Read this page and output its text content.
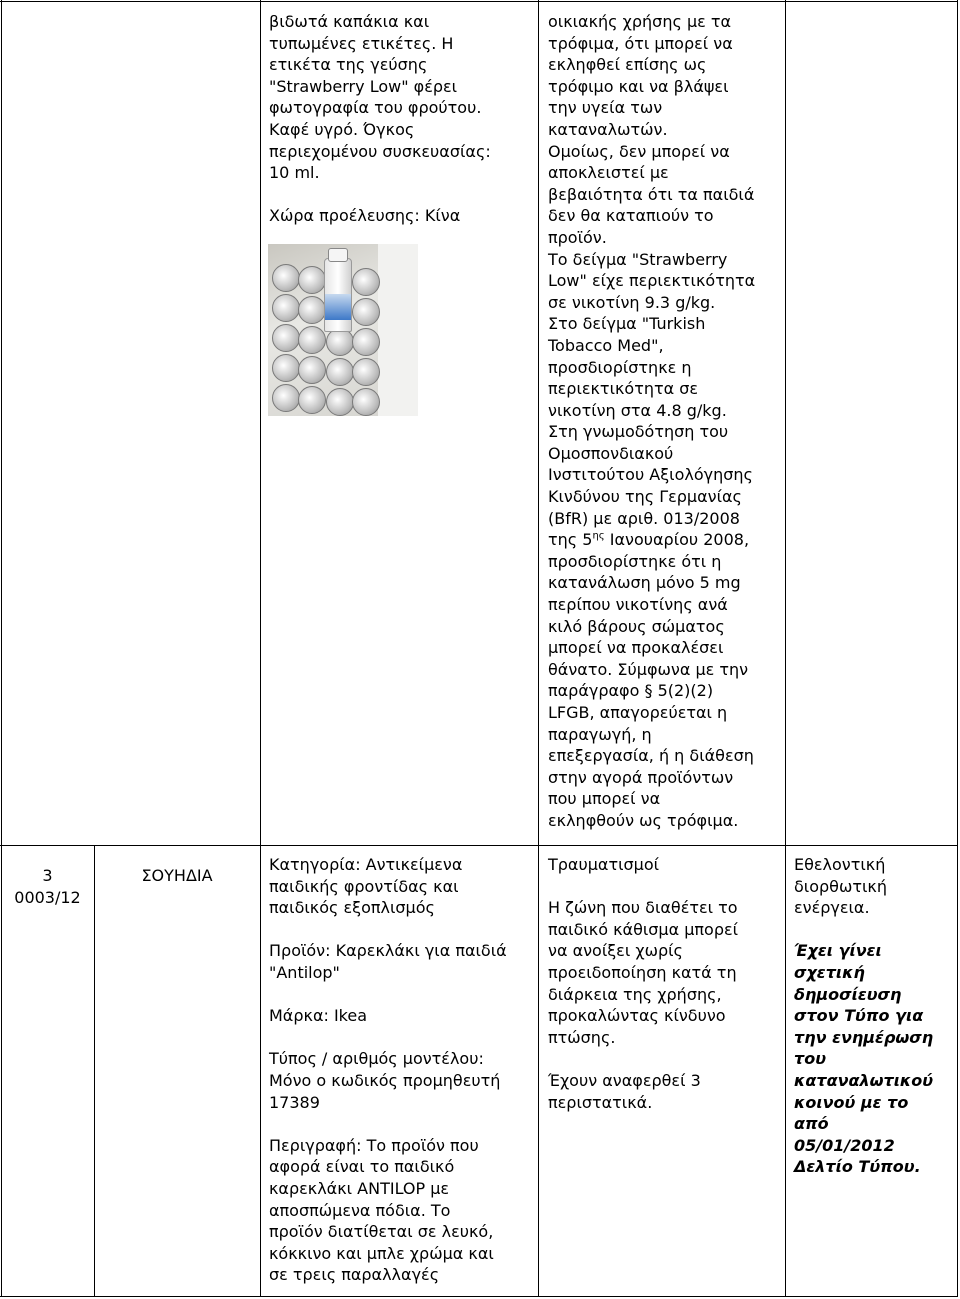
βιδωτά καπάκια και
τυπωμένες ετικέτες. Η
ετικέτα της γεύσης
"Strawberry Low" φέρει
φωτογραφία του φρούτου.
Καφέ υγρό. Όγκος
περιεχομένου συσκευασίας:
10 ml.
Χώρα προέλευσης: Κίνα
οικιακής χρήσης με τα
τρόφιμα, ότι μπορεί να
εκληφθεί επίσης ως
τρόφιμο και να βλάψει
την υγεία των
καταναλωτών.
Ομοίως, δεν μπορεί να
αποκλειστεί με
βεβαιότητα ότι τα παιδιά
δεν θα καταπιούν το
προϊόν.
Το δείγμα "Strawberry
Low" είχε περιεκτικότητα
σε νικοτίνη 9.3 g/kg.
Στο δείγμα "Turkish
Tobacco Med",
προσδιορίστηκε η
περιεκτικότητα σε
νικοτίνη στα 4.8 g/kg.
Στη γνωμοδότηση του
Ομοσπονδιακού
Ινστιτούτου Αξιολόγησης
Κινδύνου της Γερμανίας
(BfR) με αριθ. 013/2008
της $5^{\eta\varsigma}$ Ιανουαρίου 2008,
προσδιορίστηκε ότι η
κατανάλωση μόνο 5 mg
περίπου νικοτίνης ανά
κιλό βάρους σώματος
μπορεί να προκαλέσει
θάνατο. Σύμφωνα με την
παράγραφο § 5(2)(2)
LFGB, απαγορεύεται η
παραγωγή, η
επεξεργασία, ή η διάθεση
στην αγορά προϊόντων
που μπορεί να
εκληφθούν ως τρόφιμα.
3
0003/12
ΣΟΥΗΔΙΑ
Κατηγορία: Αντικείμενα
παιδικής φροντίδας και
παιδικός εξοπλισμός
Προϊόν: Καρεκλάκι για παιδιά
"Antilop"
Μάρκα: Ikea
Τύπος / αριθμός μοντέλου:
Μόνο ο κωδικός προμηθευτή
17389
Περιγραφή: Το προϊόν που
αφορά είναι το παιδικό
καρεκλάκι ANTILOP με
αποσπώμενα πόδια. Το
προϊόν διατίθεται σε λευκό,
κόκκινο και μπλε χρώμα και
σε τρεις παραλλαγές
Τραυματισμοί
Η ζώνη που διαθέτει το
παιδικό κάθισμα μπορεί
να ανοίξει χωρίς
προειδοποίηση κατά τη
διάρκεια της χρήσης,
προκαλώντας κίνδυνο
πτώσης.
Έχουν αναφερθεί 3
περιστατικά.
Εθελοντική
διορθωτική
ενέργεια.
Έχει γίνει
σχετική
δημοσίευση
στον Τύπο για
την ενημέρωση
του
καταναλωτικού
κοινού με το
από
05/01/2012
Δελτίο Τύπου.
